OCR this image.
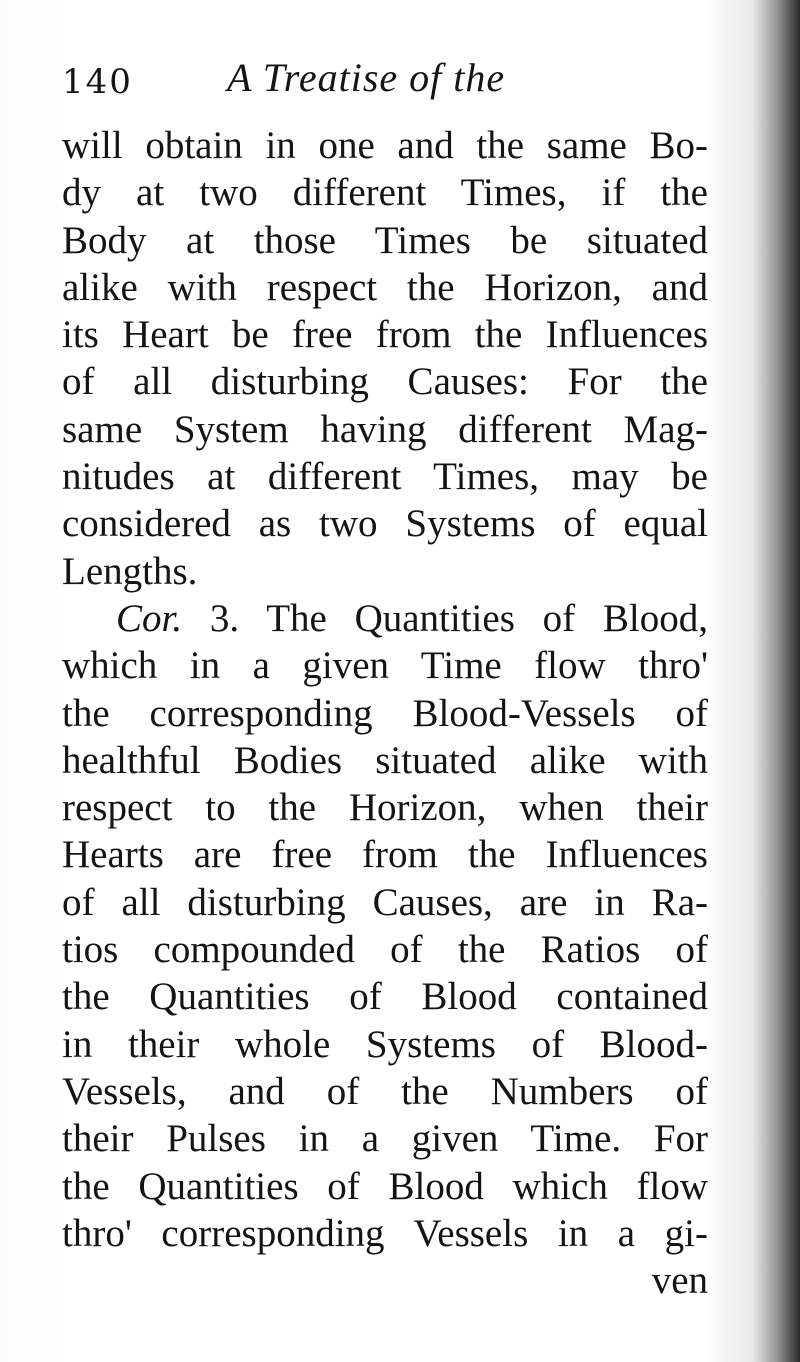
140 A Treatise of the
will obtain in one and the same Bo-
dy at two different Times, if the
Body at those Times be situated
alike with respect the Horizon, and
its Heart be free from the Influences
of all disturbing Causes: For the
same System having different Mag-
nitudes at different Times, may be
considered as two Systems of equal
Lengths.
Cor. 3. The Quantities of Blood,
which in a given Time flow thro'
the corresponding Blood-Vessels of
healthful Bodies situated alike with
respect to the Horizon, when their
Hearts are free from the Influences
of all disturbing Causes, are in Ra-
tios compounded of the Ratios of
the Quantities of Blood contained
in their whole Systems of Blood-
Vessels, and of the Numbers of
their Pulses in a given Time. For
the Quantities of Blood which flow
thro' corresponding Vessels in a gi-
ven
